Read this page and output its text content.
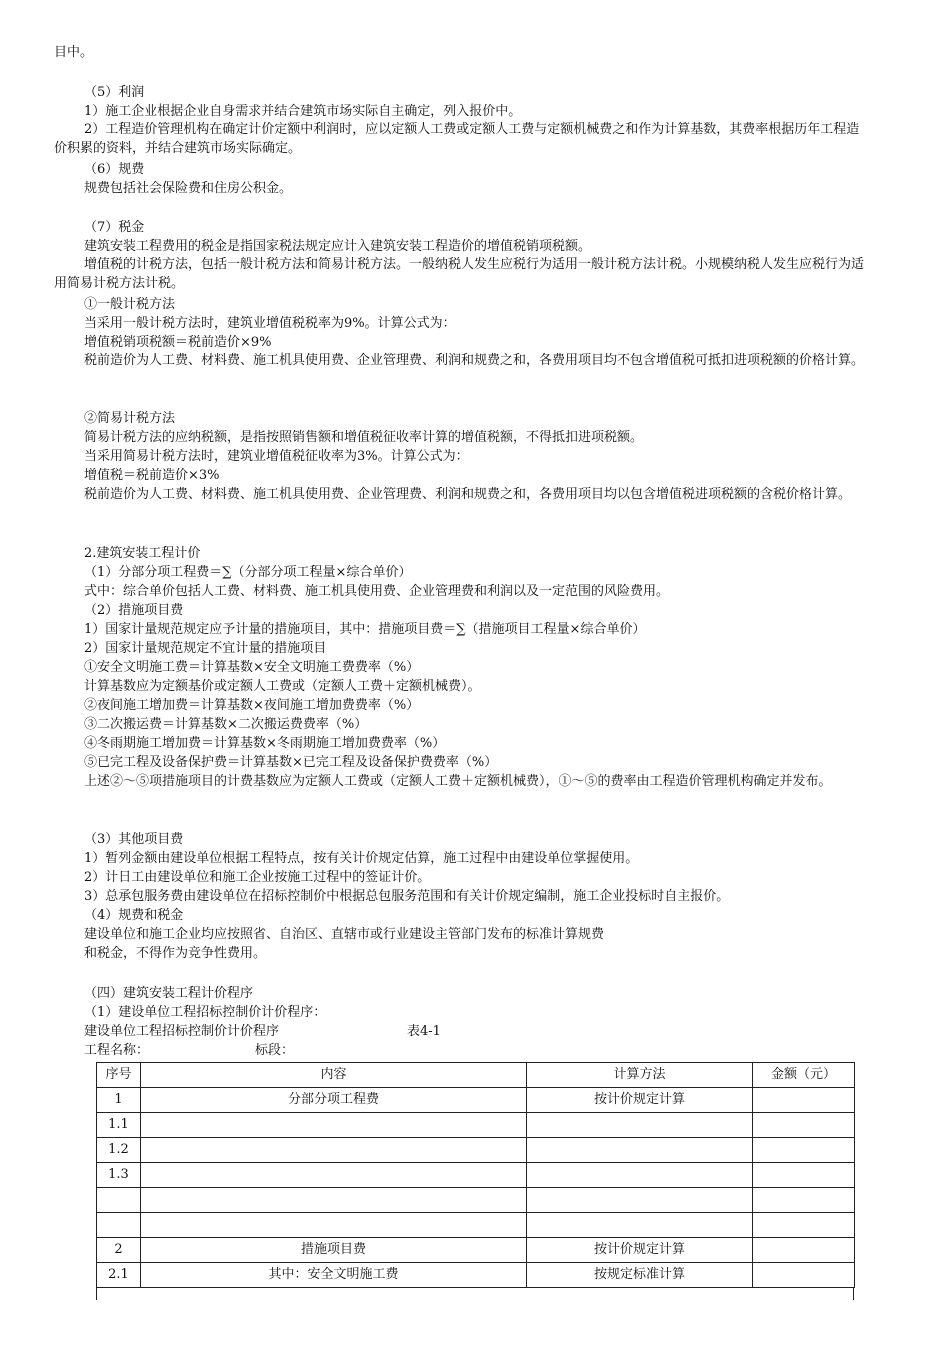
目中。
（5）利润
1）施工企业根据企业自身需求并结合建筑市场实际自主确定，列入报价中。
2）工程造价管理机构在确定计价定额中利润时，应以定额人工费或定额人工费与定额机械费之和作为计算基数，其费率根据历年工程造价积累的资料，并结合建筑市场实际确定。
（6）规费
规费包括社会保险费和住房公积金。
（7）税金
建筑安装工程费用的税金是指国家税法规定应计入建筑安装工程造价的增值税销项税额。
增值税的计税方法，包括一般计税方法和简易计税方法。一般纳税人发生应税行为适用一般计税方法计税。小规模纳税人发生应税行为适用简易计税方法计税。
①一般计税方法
当采用一般计税方法时，建筑业增值税税率为9%。计算公式为：
增值税销项税额＝税前造价×9%
税前造价为人工费、材料费、施工机具使用费、企业管理费、利润和规费之和，各费用项目均不包含增值税可抵扣进项税额的价格计算。
②简易计税方法
简易计税方法的应纳税额，是指按照销售额和增值税征收率计算的增值税额，不得抵扣进项税额。
当采用简易计税方法时，建筑业增值税征收率为3%。计算公式为：
增值税＝税前造价×3%
税前造价为人工费、材料费、施工机具使用费、企业管理费、利润和规费之和，各费用项目均以包含增值税进项税额的含税价格计算。
2.建筑安装工程计价
（1）分部分项工程费＝∑（分部分项工程量×综合单价）
式中：综合单价包括人工费、材料费、施工机具使用费、企业管理费和利润以及一定范围的风险费用。
（2）措施项目费
1）国家计量规范规定应予计量的措施项目，其中：措施项目费＝∑（措施项目工程量×综合单价）
2）国家计量规范规定不宜计量的措施项目
①安全文明施工费＝计算基数×安全文明施工费费率（%）
计算基数应为定额基价或定额人工费或（定额人工费＋定额机械费）。
②夜间施工增加费＝计算基数×夜间施工增加费费率（%）
③二次搬运费＝计算基数×二次搬运费费率（%）
④冬雨期施工增加费＝计算基数×冬雨期施工增加费费率（%）
⑤已完工程及设备保护费＝计算基数×已完工程及设备保护费费率（%）
上述②～⑤项措施项目的计费基数应为定额人工费或（定额人工费＋定额机械费），①～⑤的费率由工程造价管理机构确定并发布。
（3）其他项目费
1）暂列金额由建设单位根据工程特点，按有关计价规定估算，施工过程中由建设单位掌握使用。
2）计日工由建设单位和施工企业按施工过程中的签证计价。
3）总承包服务费由建设单位在招标控制价中根据总包服务范围和有关计价规定编制，施工企业投标时自主报价。
（4）规费和税金
建设单位和施工企业均应按照省、自治区、直辖市或行业建设主管部门发布的标准计算规费
和税金，不得作为竞争性费用。
（四）建筑安装工程计价程序
（1）建设单位工程招标控制价计价程序：
建设单位工程招标控制价计价程序	表4-1
工程名称：	标段：
序号	内容	计算方法	金额（元）
1	分部分项工程费	按计价规定计算	
1.1			
1.2			
1.3			

2	措施项目费	按计价规定计算	
2.1	其中：安全文明施工费	按规定标准计算	
